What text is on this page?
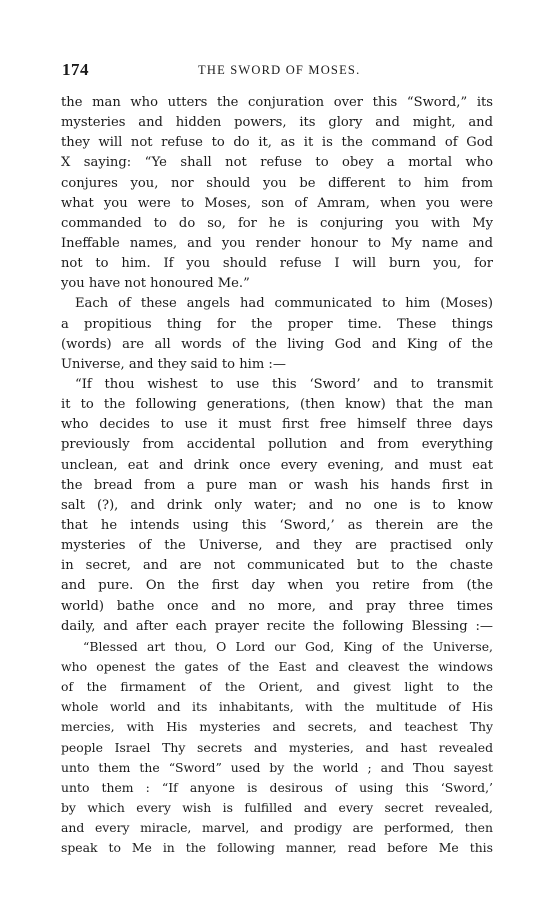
174	THE SWORD OF MOSES.
the man who utters the conjuration over this “Sword,” its
mysteries and hidden powers, its glory and might, and
they will not refuse to do it, as it is the command of God
X saying: “Ye shall not refuse to obey a mortal who
conjures you, nor should you be different to him from
what you were to Moses, son of Amram, when you were
commanded to do so, for he is conjuring you with My
Ineffable names, and you render honour to My name and
not to him. If you should refuse I will burn you, for
you have not honoured Me.”
Each of these angels had communicated to him (Moses)
a propitious thing for the proper time. These things
(words) are all words of the living God and King of the
Universe, and they said to him :—
“If thou wishest to use this ‘Sword’ and to transmit
it to the following generations, (then know) that the man
who decides to use it must first free himself three days
previously from accidental pollution and from everything
unclean, eat and drink once every evening, and must eat
the bread from a pure man or wash his hands first in
salt (?), and drink only water; and no one is to know
that he intends using this ‘Sword,’ as therein are the
mysteries of the Universe, and they are practised only
in secret, and are not communicated but to the chaste
and pure. On the first day when you retire from (the
world) bathe once and no more, and pray three times
daily, and after each prayer recite the following Blessing :—
“Blessed art thou, O Lord our God, King of the Universe,
who openest the gates of the East and cleavest the windows
of the firmament of the Orient, and givest light to the
whole world and its inhabitants, with the multitude of His
mercies, with His mysteries and secrets, and teachest Thy
people Israel Thy secrets and mysteries, and hast revealed
unto them the “Sword” used by the world ; and Thou sayest
unto them : “If anyone is desirous of using this ‘Sword,’
by which every wish is fulfilled and every secret revealed,
and every miracle, marvel, and prodigy are performed, then
speak to Me in the following manner, read before Me this
